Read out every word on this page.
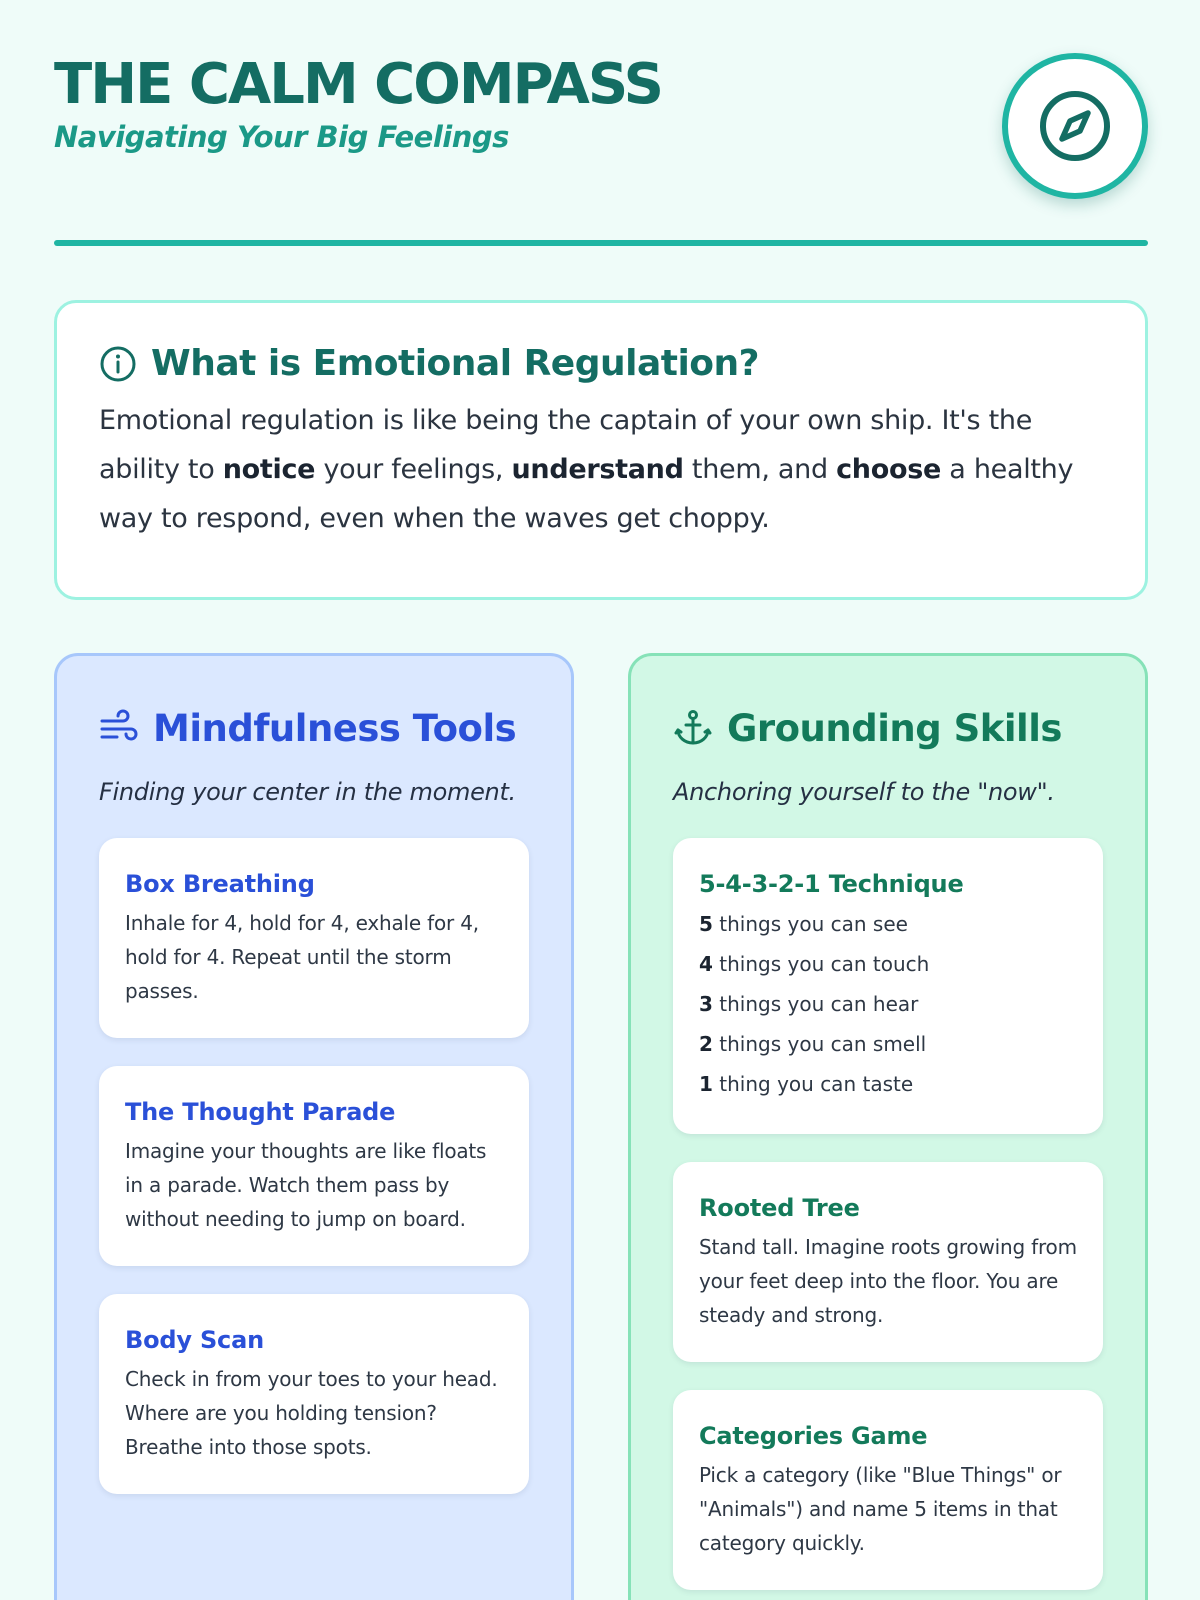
THE CALM COMPASS
Navigating Your Big Feelings
What is Emotional Regulation?
Emotional regulation is like being the captain of your own ship. It's the ability to notice your feelings, understand them, and choose a healthy way to respond, even when the waves get choppy.
Mindfulness Tools
Finding your center in the moment.
Box Breathing
Inhale for 4, hold for 4, exhale for 4, hold for 4. Repeat until the storm passes.
The Thought Parade
Imagine your thoughts are like floats in a parade. Watch them pass by without needing to jump on board.
Body Scan
Check in from your toes to your head. Where are you holding tension? Breathe into those spots.
Grounding Skills
Anchoring yourself to the "now".
5-4-3-2-1 Technique
5 things you can see
4 things you can touch
3 things you can hear
2 things you can smell
1 thing you can taste
Rooted Tree
Stand tall. Imagine roots growing from your feet deep into the floor. You are steady and strong.
Categories Game
Pick a category (like "Blue Things" or "Animals") and name 5 items in that category quickly.
